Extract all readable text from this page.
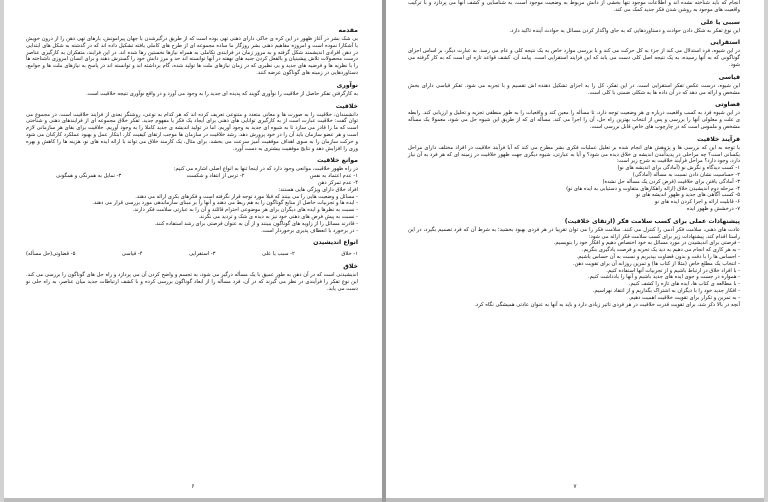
مقدمه

بی شک بشر در آغاز ظهور در این کره ی خاکی دارای ذهنی تهی بوده است که از طریق درگیرشدن با جهان پیرامونش، بارهای تهی ذهن را از درون خویش با آشکارا نموده است و امروزه مفاهیم ذهنی بشر روزگار ما ساده مجموعه ای از طرح های کاملی یافته تشکیل داده اند که در گذشته به شکل های ابتدایی در ذهن افرادی اندیشمند شکل گرفته و به مرور زمان در فرایندی تکاملی به همراه نیازها نخستین رها شده اند. در این فرایند، متفکران به کارگیری عناصر درست محصولات تلاش پیشینیان و بالفعل کردن جنبه های نهفته در آنها توانسته اند حد و مرز دانش خود را گسترش دهند و برای انسان امروزی ناشناخته ها را با نظریه ها و فرضیه های جدید و بی نظیری که در زمان نیازهای ملت ها تولید شده، گام برداشته اند و توانسته اند در پاسخ به نیازهای ملت ها و جوامع، دستاوردهایی در زمینه های گوناگون عرضه کنند.

نوآوری

به کارگرفتن تفکر حاصل از خلاقیت را نوآوری گویند که پدیده ای جدید را به وجود می آورد و در واقع نوآوری نتیجه خلاقیت است.

خلاقیت

دانشمندان، خلاقیت را به صورت ها و معانی متعدد و متنوعی تعریف کرده اند که هر کدام به نوعی، روشنگر بعدی از فرایند خلاقیت است. در مجموع می توان گفت: خلاقیت عبارت است از به کارگیری توانایی های ذهنی برای ایجاد یک فکر یا مفهوم جدید. تفکر خلاق مجموعه ای از فرایندهای ذهنی و شناختی است که ما را قادر می سازد تا به شیوه ای جدید به وجود آوریم. اما در تولید اندیشه ی جدید کاملا را به وجود آوریم. خلاقیت برای بقای هر سازمانی لازم است و هر عضو سازمان باید آن را در خود پرورش دهد. رشد خلاقیت در سازمان ها موجب ارتقای کیفیت کار، ابتکار عمل و بهبود عملکرد کارکنان می شود و حرکت سازمان را به سوی اهداف موفقیت آمیز سرعت می بخشد. برای مثال، یک کارمند خلاق می تواند با ارائه ایده های نو، هزینه ها را کاهش و بهره وری را افزایش دهد و نتایج موفقیت بیشتری به دست آورد.

موانع خلاقیت

در راه ظهور خلاقیت، موانعی وجود دارد که در اینجا تنها به انواع اصلی اشاره می کنیم:

۱- عدم اعتماد به نفس
۲- ترس از انتقاد و شکست
۳- تمایل به همرنگی و همگونی
۴- عدم تمرکز ذهن

افراد خلاق دارای ویژگی هایی هستند:

- مسائل و وضعیت هایی را می بینند که قبلا مورد توجه قرار نگرفته است و فکرهای بکری ارائه می دهند.
- ایده ها و تجربیات حاصل از منابع گوناگون را به هم ربط می دهند و آنها را بر مبنای سازماندهی مورد بررسی قرار می دهند.
- نسبت به نظرها و ایده های دیگران برای هر موضوعی احترام قائلند و آن را به عبارتی سلامت فکر دارند.
- نسبت به پیش فرض های ذهنی خود نیز به دیده ی شک و تردید می نگرند.
- قادرند مسائل را از زاویه های گوناگون ببینند و از آن به عنوان فرصتی برای رشد استفاده کنند.
- در برخورد با انعطاف پذیری برخوردار است.
انواع اندیشیدن
۱- خلاق
۲- سبب یا علی
۳- استقرایی
۴- قیاسی
۵- قضاوتی(حل مسأله)
خلاق

اندیشیدنی است که در آن ذهن به طور عمیق با یک مسأله درگیر می شود، به تجسم و واضح کردن آن می پردازد و راه حل های گوناگون را بررسی می کند. این نوع تفکر را فرآیندی در نظر می گیرند که در آن، فرد مسأله را از ابعاد گوناگون بررسی کرده و با کشف ارتباطات جدید میان عناصر، به راه حلی نو دست می یابد.

۶

انجام که باید شناخته نشده اند و اطلاعات موجود تنها بخشی از دانش مربوط به وضعیت موجود است، به شناسایی و کشف آنها می پردازد و با ترکیب واقعیت های موجود به روشن شدن فکر جدید کمک می کند.

سببی یا علی

این نوع تفکر به شکل دادن حوادث و دستاوردهایی که به جای واگذار کردن مسائل به حوادث آینده تاکید دارد.

استقرایی

در این شیوه، فرد استدلال می کند از جزء به کل حرکت می کند و با بررسی موارد خاص به یک نتیجه کلی و عام می رسد. به عبارت دیگر، بر اساس اجزای گوناگونی که به آنها رسیده، به یک نتیجه اصل کلی دست می یابد که این فرایند استقرایی است. پیامد آن، کشف قواعد تازه ای است که به کار گرفته می شود.

قیاسی

این شیوه، درست عکس تفکر استقرایی است. در این تفکر، کل را به اجزای تشکیل دهنده اش تقسیم و با تجربه می شود. تفکر قیاسی دارای بخش مشخص و ارائه می دهد که در آن داده ها به شکلی ضمنی با کلی است.

قضاوتی

در این شیوه فرد به کسب واقعیت درباره ی هر وضعیت توجه دارد، تا مسأله را معین کند و واقعیات را به طور منطقی تجزیه و تحلیل و ارزیابی کند. رابطه ی علت و معلولی آنها را بررسی و پس از انتخاب بهترین راه حل، آن را اجرا می کند. مسأله ای که از طریق این شیوه حل می شود، معمولا یک مسأله مشخص و ملموس است که در چارچوب های خاص قابل بررسی است.

فرآیند خلاقیت

با توجه به این که بررسی ها و پژوهش های انجام شده بر تعلیل عملیات فکری بشر مطرح می کند که آیا فرآیند خلاقیت در افراد مختلف دارای مراحل یکسانی است؟ چه مراحلی در پدیدآمدن اندیشه ی خلاق دیده می شود؟ و آیا به عبارتی، شیوه دیگری جهت ظهور خلاقیت در زمینه ای که هر فرد به آن نیاز دارد، وجود دارد؟ مراحل فرآیند خلاقیت به شرح زیر است:

۱- کسب دیدگاه و نگرش نو (آمادگی برای اندیشه های نو)
۲- حساسیت نشان دادن نسبت به مسأله (آمادگی)
۳- آمادگی یافتن برای خلاقیت (فرض کردن یک مسأله حل نشده)
۴- مرحله دوم اندیشیدن خلاق (ارائه راهکارهای متفاوت و دستیابی به ایده های نو)
۵- کسب آگاهی های جدید و ظهور اندیشه های نو
۶- قابلیت ارائه و اجرا کردن ایده های نو
۷- درخشش و ظهور ایده
پیشنهادات عملی برای کسب سلامت فکر (ارتقای خلاقیت)

عادت های ذهنی، سلامت فکر آدمی را کنترل می کنند. سلامت فکر را می توان تقریبا در هر فردی بهبود بخشید؛ به شرط آن که فرد تصمیم بگیرد، در این راستا اقدام کند. پیشنهادات زیر برای کسب سلامت فکر ارائه می شود:

- فرصتی برای اندیشیدن در مورد مسائل به خود اختصاص دهیم و افکار خود را بنویسیم.
- به هر کاری که انجام می دهیم به دید یک تجربه و فرصت یادگیری بنگریم.
- احساس ها را با دقت و بدون قضاوت بپذیریم و نسبت به آن حساس باشیم.
- انتخاب یک مطلع خاص (مثلا از کتاب ها) و تمرین روزانه آن برای تقویت ذهن.
- با افراد خلاق در ارتباط باشیم و از تجربیات آنها استفاده کنیم.
- همواره در جست و جوی ایده های جدید باشیم و آنها را یادداشت کنیم.
- با مطالعه ی کتاب ها، ایده های تازه را کشف کنیم.
- افکار جدید خود را با دیگران به اشتراک بگذاریم و از انتقاد نهراسیم.
- به تمرین و تکرار برای تقویت خلاقیت اهمیت دهیم.

آنچه در بالا ذکر شد، برای تقویت قدرت خلاقیت در هر فردی تاثیر زیادی دارد و باید به آنها به عنوان عادتی همیشگی نگاه کرد.

۷
